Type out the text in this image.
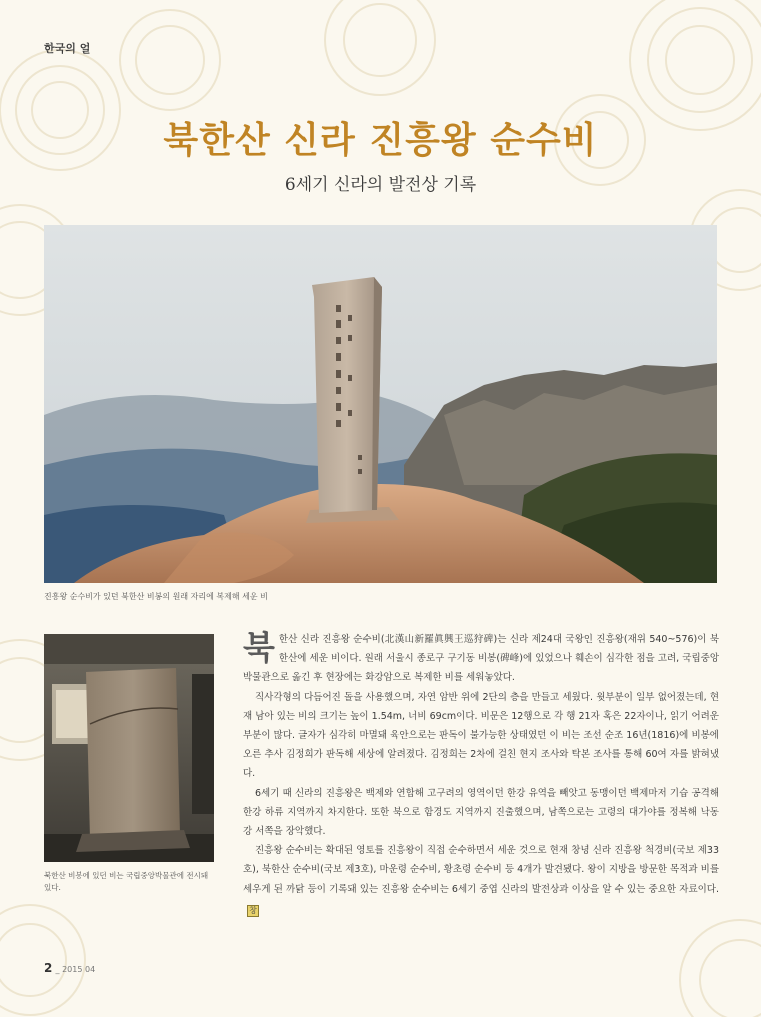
한국의 얼
북한산 신라 진흥왕 순수비
6세기 신라의 발전상 기록
진흥왕 순수비가 있던 북한산 비봉의 원래 자리에 복제해 세운 비
북한산 비봉에 있던 비는 국립중앙박물관에 전시돼 있다.

북한산 신라 진흥왕 순수비(北漢山新羅眞興王巡狩碑)는 신라 제24대 국왕인 진흥왕(재위 540~576)이 북한산에 세운 비이다. 원래 서울시 종로구 구기동 비봉(碑峰)에 있었으나 훼손이 심각한 점을 고려, 국립중앙박물관으로 옮긴 후 현장에는 화강암으로 복제한 비를 세워놓았다.

직사각형의 다듬어진 돌을 사용했으며, 자연 암반 위에 2단의 층을 만들고 세웠다. 윗부분이 일부 없어졌는데, 현재 남아 있는 비의 크기는 높이 1.54m, 너비 69cm이다. 비문은 12행으로 각 행 21자 혹은 22자이나, 읽기 어려운 부분이 많다. 글자가 심각히 마멸돼 육안으로는 판독이 불가능한 상태였던 이 비는 조선 순조 16년(1816)에 비봉에 오른 추사 김정희가 판독해 세상에 알려졌다. 김정희는 2차에 걸친 현지 조사와 탁본 조사를 통해 60여 자를 밝혀냈다.

6세기 때 신라의 진흥왕은 백제와 연합해 고구려의 영역이던 한강 유역을 빼앗고 동맹이던 백제마저 기습 공격해 한강 하류 지역까지 차지한다. 또한 북으로 함경도 지역까지 진출했으며, 남쪽으로는 고령의 대가야를 정복해 낙동강 서쪽을 장악했다.

진흥왕 순수비는 확대된 영토를 진흥왕이 직접 순수하면서 세운 것으로 현재 창녕 신라 진흥왕 척경비(국보 제33호), 북한산 순수비(국보 제3호), 마운령 순수비, 황초령 순수비 등 4개가 발견됐다. 왕이 지방을 방문한 목적과 비를 세우게 된 까닭 등이 기록돼 있는 진흥왕 순수비는 6세기 중엽 신라의 발전상과 이상을 알 수 있는 중요한 자료이다.창

2 _ 2015 04
